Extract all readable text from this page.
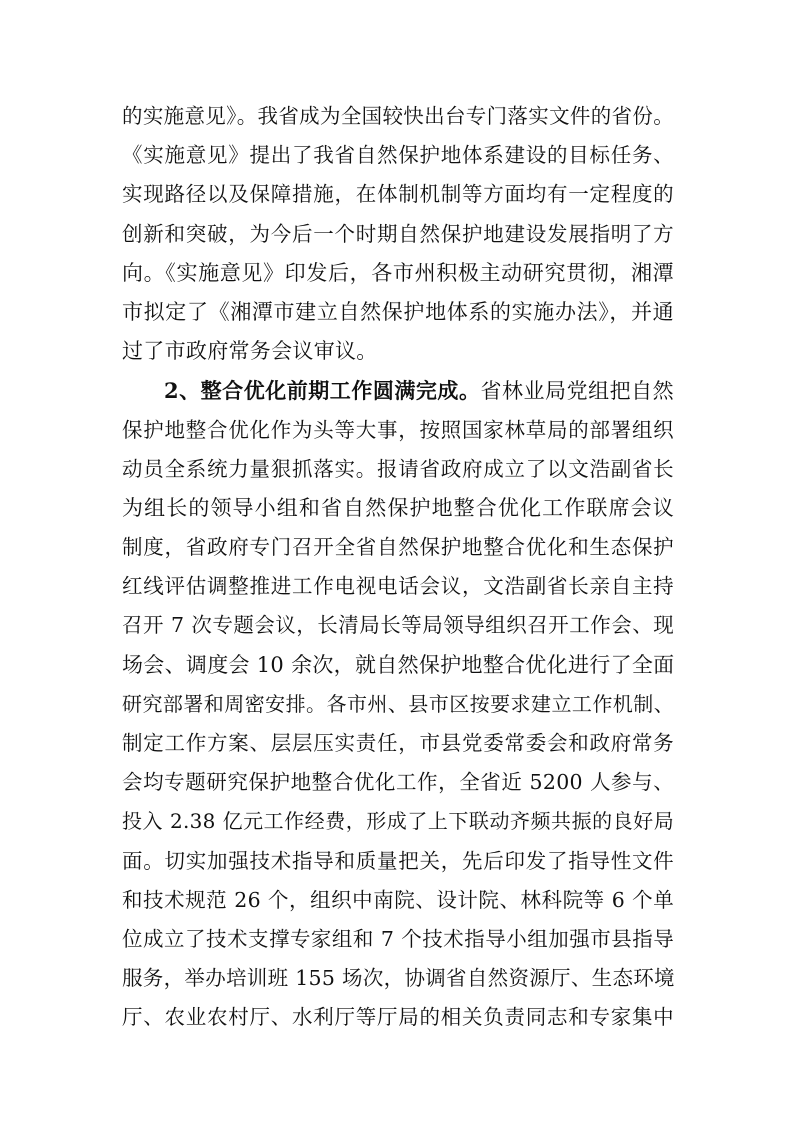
的实施意见》。我省成为全国较快出台专门落实文件的省份。
《实施意见》提出了我省自然保护地体系建设的目标任务、
实现路径以及保障措施，在体制机制等方面均有一定程度的
创新和突破，为今后一个时期自然保护地建设发展指明了方
向。《实施意见》印发后，各市州积极主动研究贯彻，湘潭
市拟定了《湘潭市建立自然保护地体系的实施办法》，并通
过了市政府常务会议审议。
2、整合优化前期工作圆满完成。省林业局党组把自然
保护地整合优化作为头等大事，按照国家林草局的部署组织
动员全系统力量狠抓落实。报请省政府成立了以文浩副省长
为组长的领导小组和省自然保护地整合优化工作联席会议
制度，省政府专门召开全省自然保护地整合优化和生态保护
红线评估调整推进工作电视电话会议，文浩副省长亲自主持
召开 7 次专题会议，长清局长等局领导组织召开工作会、现
场会、调度会 10 余次，就自然保护地整合优化进行了全面
研究部署和周密安排。各市州、县市区按要求建立工作机制、
制定工作方案、层层压实责任，市县党委常委会和政府常务
会均专题研究保护地整合优化工作，全省近 5200 人参与、
投入 2.38 亿元工作经费，形成了上下联动齐频共振的良好局
面。切实加强技术指导和质量把关，先后印发了指导性文件
和技术规范 26 个，组织中南院、设计院、林科院等 6 个单
位成立了技术支撑专家组和 7 个技术指导小组加强市县指导
服务，举办培训班 155 场次，协调省自然资源厅、生态环境
厅、农业农村厅、水利厅等厅局的相关负责同志和专家集中
